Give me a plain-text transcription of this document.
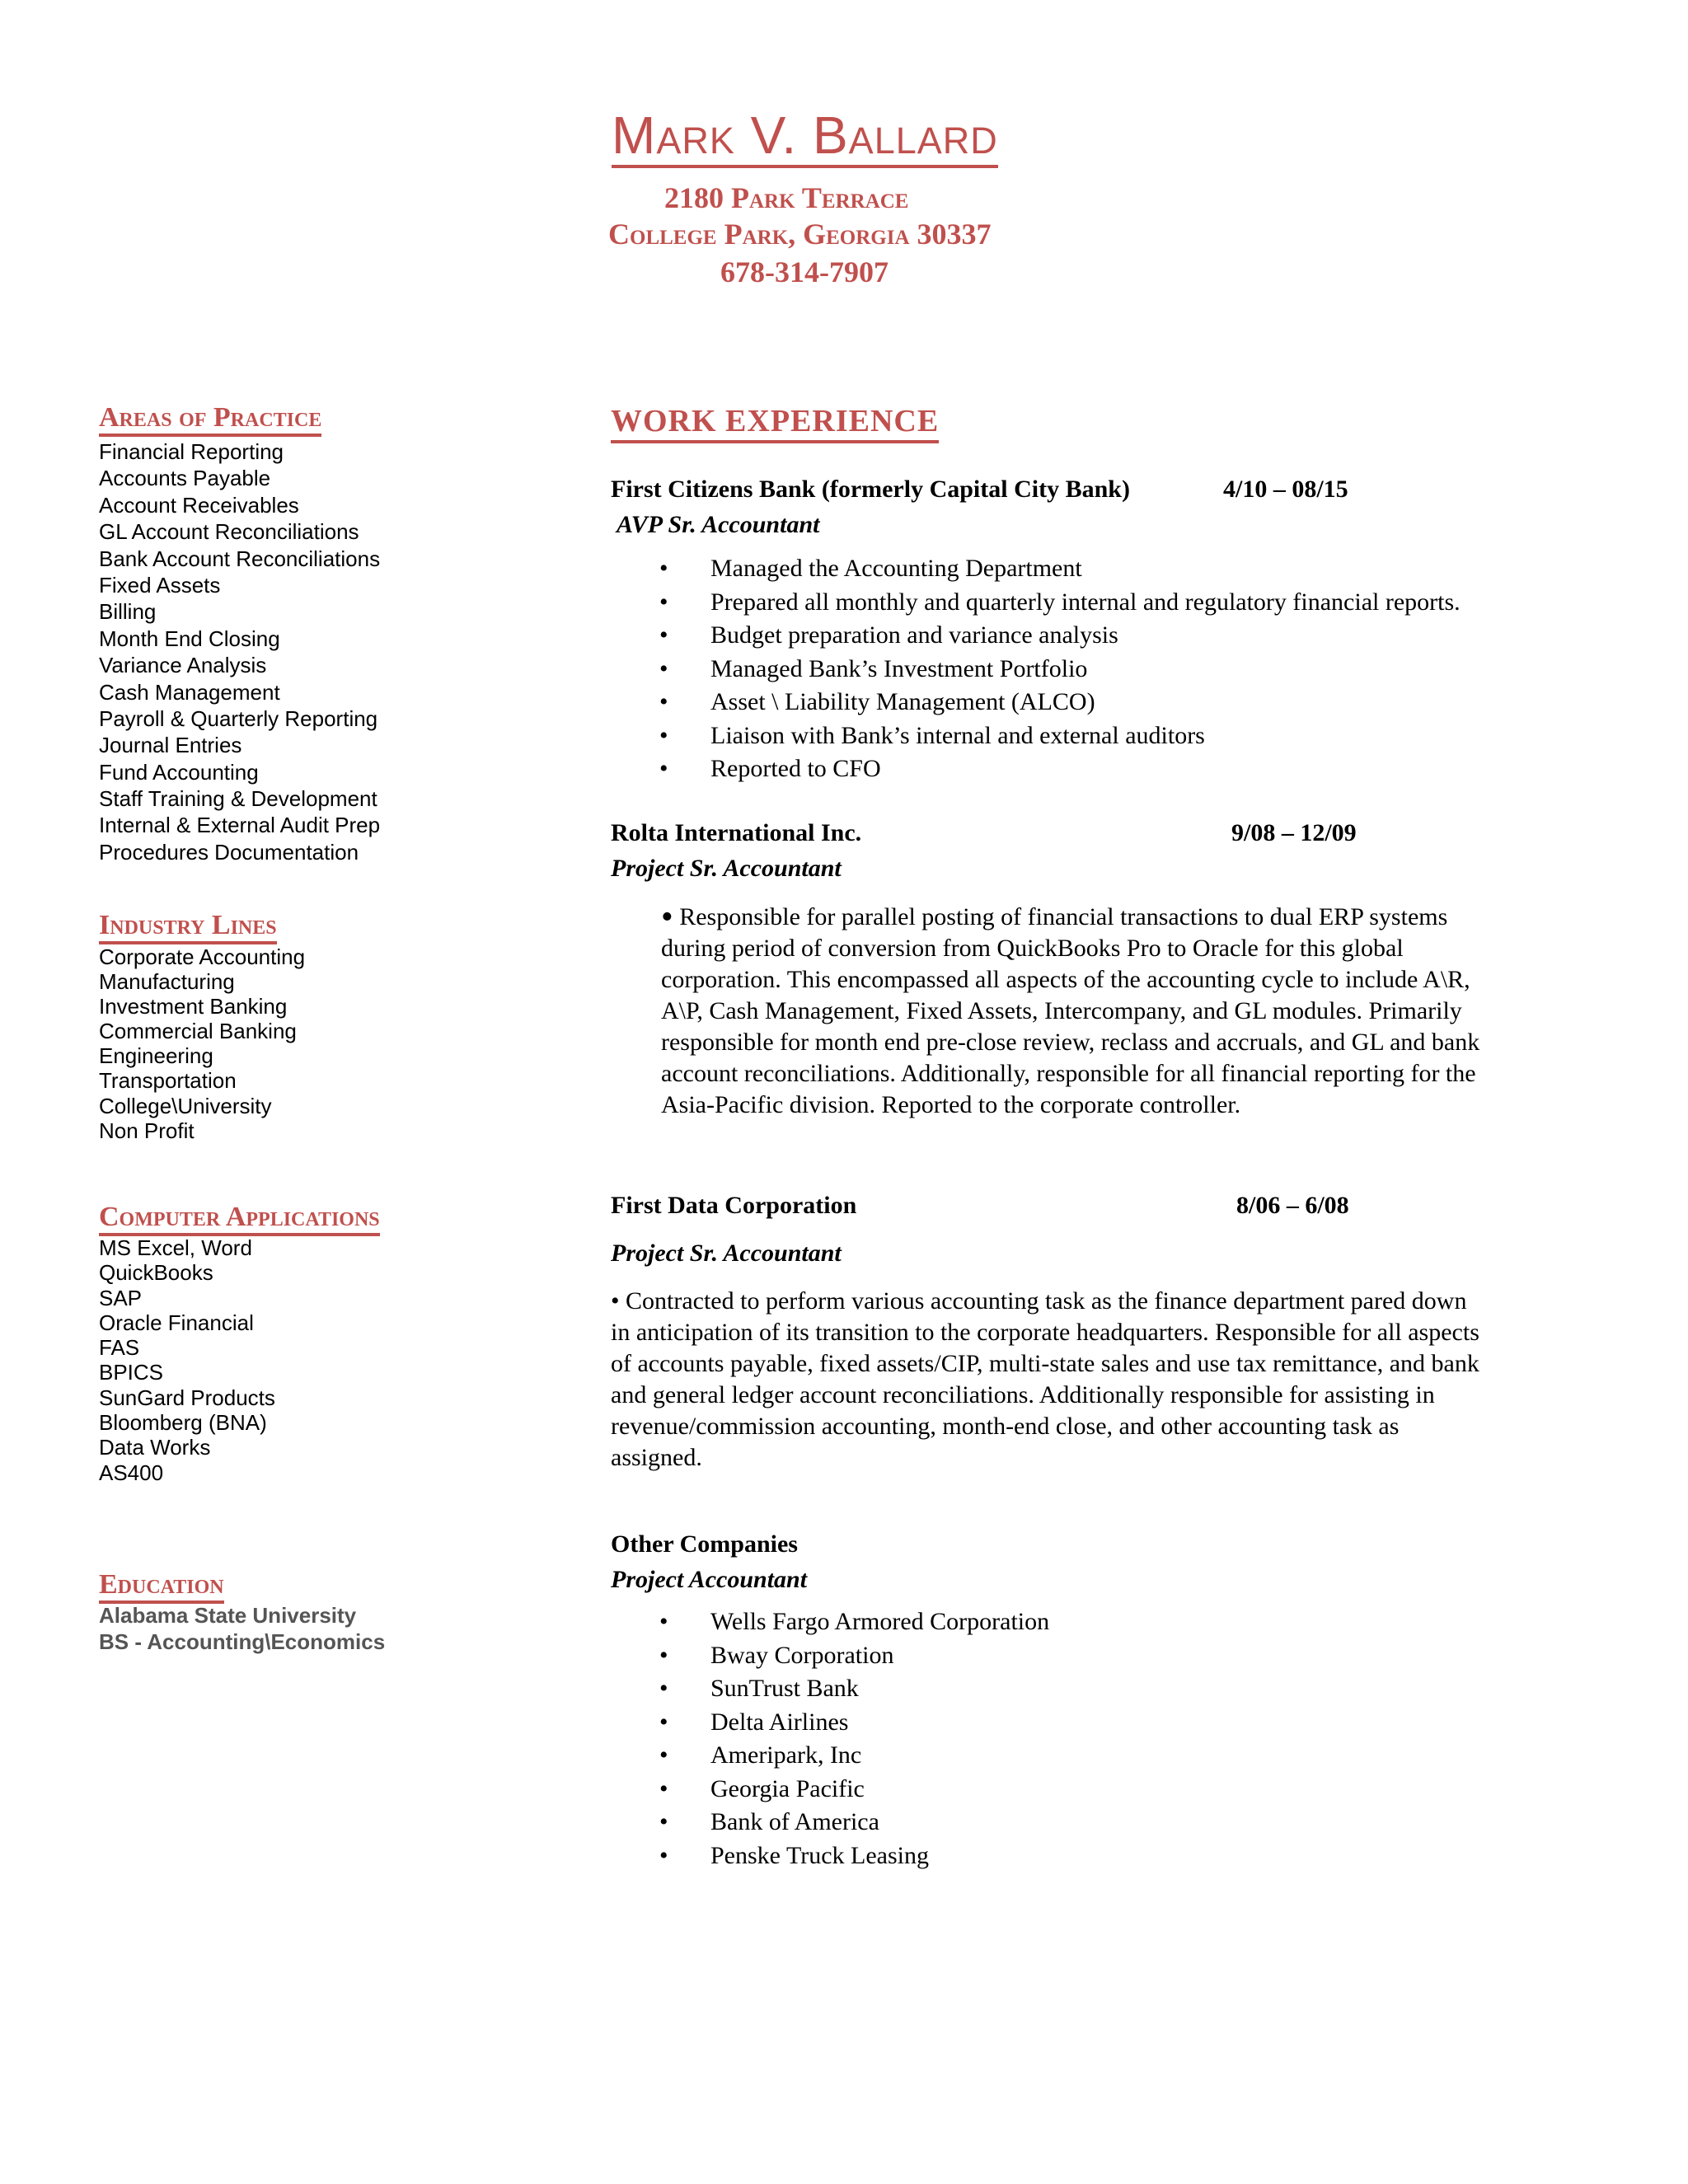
Mark V. Ballard
2180 Park Terrace
College Park, Georgia 30337
678-314-7907
Areas of Practice
Financial Reporting
Accounts Payable
Account Receivables
GL Account Reconciliations
Bank Account Reconciliations
Fixed Assets
Billing
Month End Closing
Variance Analysis
Cash Management
Payroll & Quarterly Reporting
Journal Entries
Fund Accounting
Staff Training & Development
Internal & External Audit Prep
Procedures Documentation
Industry Lines
Corporate Accounting
Manufacturing
Investment Banking
Commercial Banking
Engineering
Transportation
College\University
Non Profit
Computer Applications
MS Excel, Word
QuickBooks
SAP
Oracle Financial
FAS
BPICS
SunGard Products
Bloomberg (BNA)
Data Works
AS400
Education
Alabama State University
BS - Accounting\Economics
WORK EXPERIENCE
First Citizens Bank (formerly Capital City Bank)	4/10 – 08/15
AVP Sr. Accountant
• Managed the Accounting Department
• Prepared all monthly and quarterly internal and regulatory financial reports.
• Budget preparation and variance analysis
• Managed Bank’s Investment Portfolio
• Asset \ Liability Management (ALCO)
• Liaison with Bank’s internal and external auditors
• Reported to CFO
Rolta International Inc.	9/08 – 12/09
Project Sr. Accountant
• Responsible for parallel posting of financial transactions to dual ERP systems
during period of conversion from QuickBooks Pro to Oracle for this global
corporation. This encompassed all aspects of the accounting cycle to include A\R,
A\P, Cash Management, Fixed Assets, Intercompany, and GL modules. Primarily
responsible for month end pre-close review, reclass and accruals, and GL and bank
account reconciliations. Additionally, responsible for all financial reporting for the
Asia-Pacific division. Reported to the corporate controller.
First Data Corporation	8/06 – 6/08
Project Sr. Accountant
• Contracted to perform various accounting task as the finance department pared down
in anticipation of its transition to the corporate headquarters. Responsible for all aspects
of accounts payable, fixed assets/CIP, multi-state sales and use tax remittance, and bank
and general ledger account reconciliations. Additionally responsible for assisting in
revenue/commission accounting, month-end close, and other accounting task as
assigned.
Other Companies
Project Accountant
• Wells Fargo Armored Corporation
• Bway Corporation
• SunTrust Bank
• Delta Airlines
• Ameripark, Inc
• Georgia Pacific
• Bank of America
• Penske Truck Leasing
